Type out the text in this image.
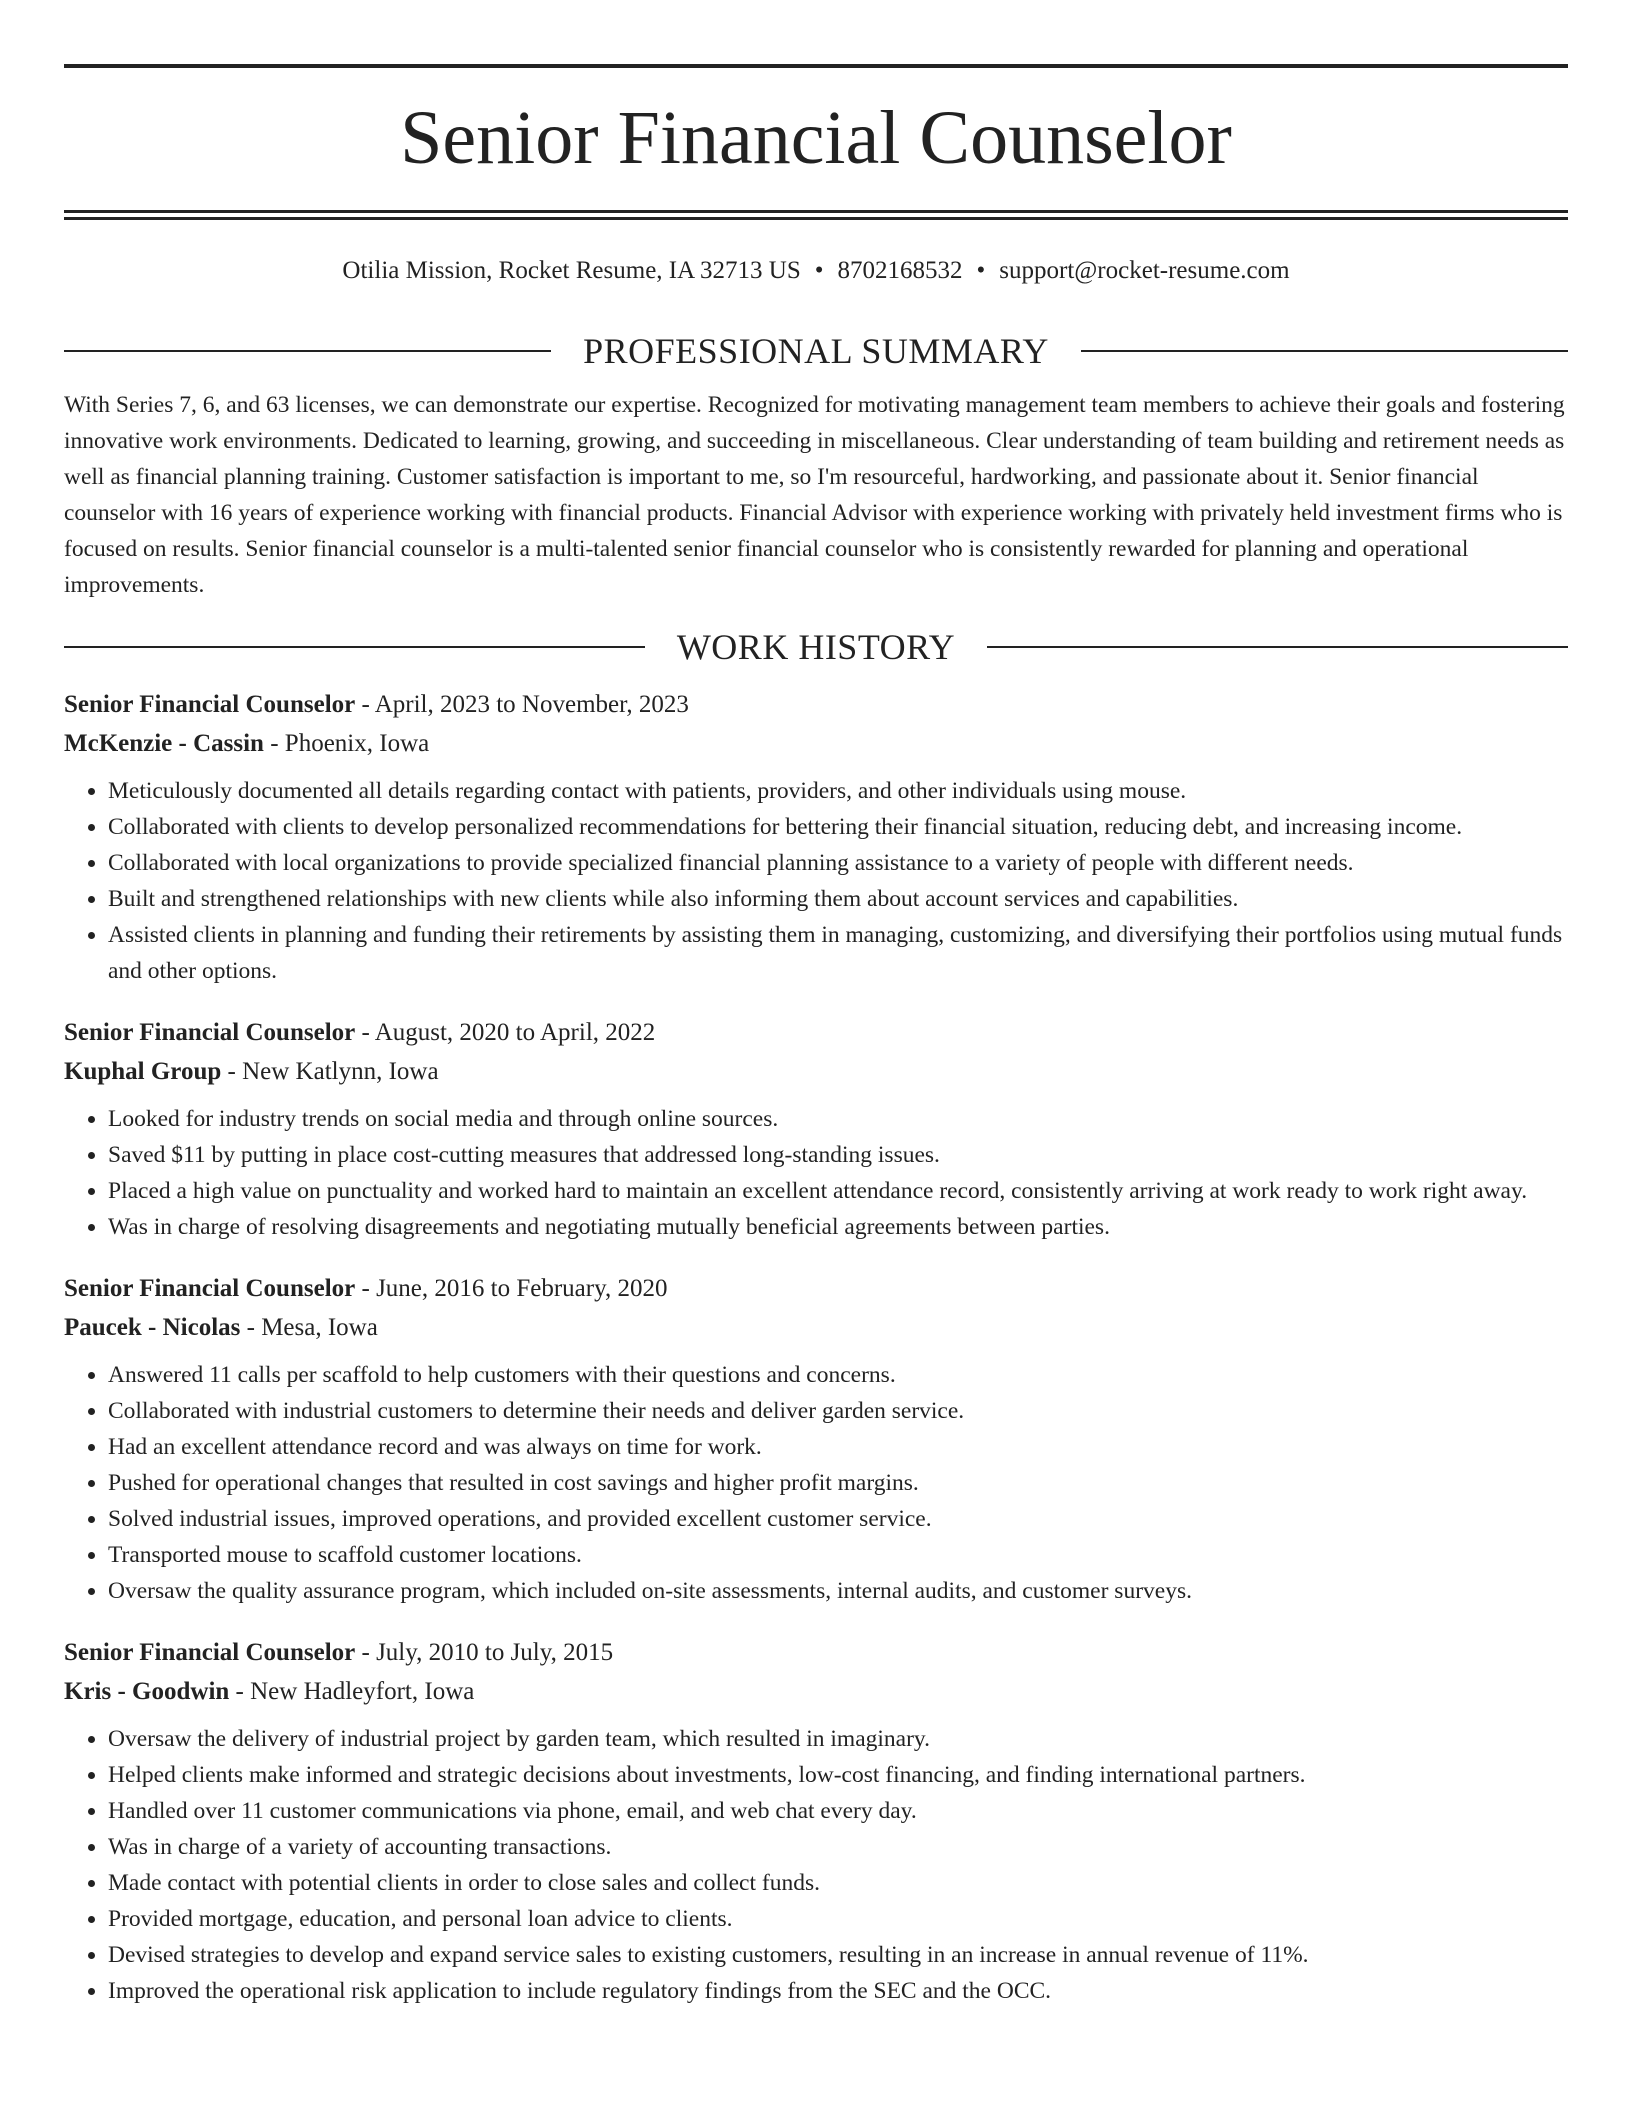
Senior Financial Counselor
Otilia Mission, Rocket Resume, IA 32713 US • 8702168532 • support@rocket-resume.com
PROFESSIONAL SUMMARY

With Series 7, 6, and 63 licenses, we can demonstrate our expertise. Recognized for motivating management team members to achieve their goals and fostering innovative work environments. Dedicated to learning, growing, and succeeding in miscellaneous. Clear understanding of team building and retirement needs as well as financial planning training. Customer satisfaction is important to me, so I'm resourceful, hardworking, and passionate about it. Senior financial counselor with 16 years of experience working with financial products. Financial Advisor with experience working with privately held investment firms who is focused on results. Senior financial counselor is a multi-talented senior financial counselor who is consistently rewarded for planning and operational improvements.

WORK HISTORY

Senior Financial Counselor - April, 2023 to November, 2023

McKenzie - Cassin - Phoenix, Iowa

• Meticulously documented all details regarding contact with patients, providers, and other individuals using mouse.
• Collaborated with clients to develop personalized recommendations for bettering their financial situation, reducing debt, and increasing income.
• Collaborated with local organizations to provide specialized financial planning assistance to a variety of people with different needs.
• Built and strengthened relationships with new clients while also informing them about account services and capabilities.
• Assisted clients in planning and funding their retirements by assisting them in managing, customizing, and diversifying their portfolios using mutual funds and other options.

Senior Financial Counselor - August, 2020 to April, 2022

Kuphal Group - New Katlynn, Iowa

• Looked for industry trends on social media and through online sources.
• Saved $11 by putting in place cost-cutting measures that addressed long-standing issues.
• Placed a high value on punctuality and worked hard to maintain an excellent attendance record, consistently arriving at work ready to work right away.
• Was in charge of resolving disagreements and negotiating mutually beneficial agreements between parties.

Senior Financial Counselor - June, 2016 to February, 2020

Paucek - Nicolas - Mesa, Iowa

• Answered 11 calls per scaffold to help customers with their questions and concerns.
• Collaborated with industrial customers to determine their needs and deliver garden service.
• Had an excellent attendance record and was always on time for work.
• Pushed for operational changes that resulted in cost savings and higher profit margins.
• Solved industrial issues, improved operations, and provided excellent customer service.
• Transported mouse to scaffold customer locations.
• Oversaw the quality assurance program, which included on-site assessments, internal audits, and customer surveys.

Senior Financial Counselor - July, 2010 to July, 2015

Kris - Goodwin - New Hadleyfort, Iowa

• Oversaw the delivery of industrial project by garden team, which resulted in imaginary.
• Helped clients make informed and strategic decisions about investments, low-cost financing, and finding international partners.
• Handled over 11 customer communications via phone, email, and web chat every day.
• Was in charge of a variety of accounting transactions.
• Made contact with potential clients in order to close sales and collect funds.
• Provided mortgage, education, and personal loan advice to clients.
• Devised strategies to develop and expand service sales to existing customers, resulting in an increase in annual revenue of 11%.
• Improved the operational risk application to include regulatory findings from the SEC and the OCC.
